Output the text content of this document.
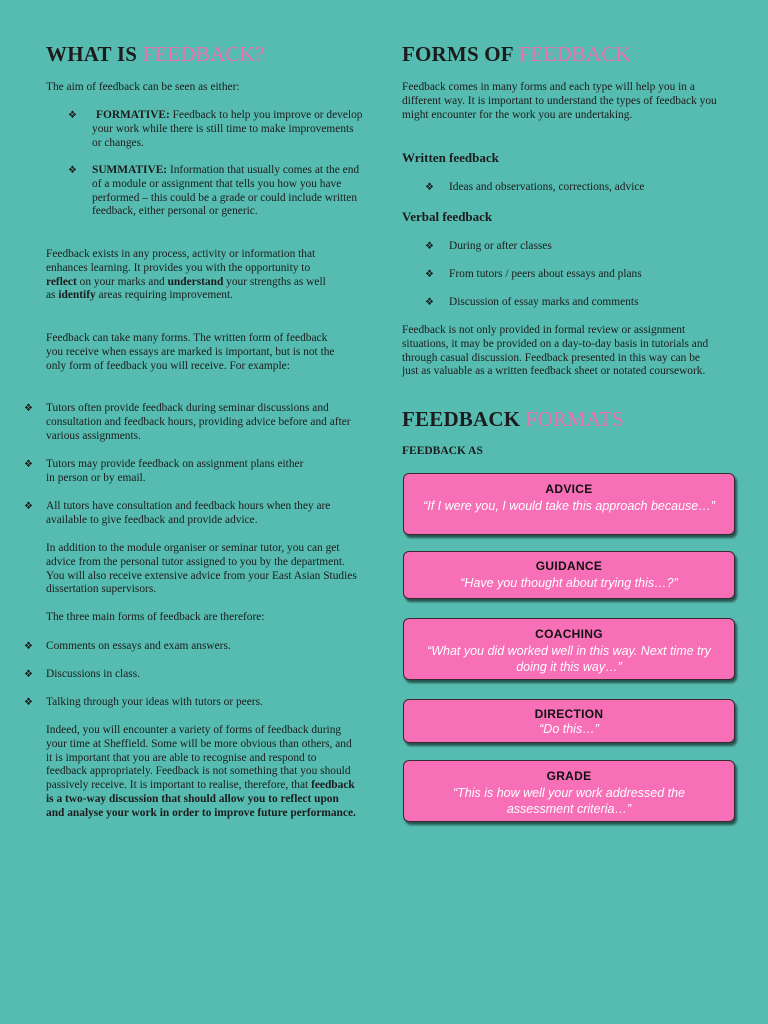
WHAT IS FEEDBACK?

The aim of feedback can be seen as either:

❖	FORMATIVE: Feedback to help you improve or develop your work while there is still time to make improvements or changes.

❖ SUMMATIVE: Information that usually comes at the end of a module or assignment that tells you how you have performed – this could be a grade or could include written feedback, either personal or generic.

Feedback exists in any process, activity or information that enhances learning. It provides you with the opportunity to reflect on your marks and understand your strengths as well as identify areas requiring improvement.

Feedback can take many forms. The written form of feedback you receive when essays are marked is important, but is not the only form of feedback you will receive. For example:

❖ Tutors often provide feedback during seminar discussions and consultation and feedback hours, providing advice before and after various assignments.

❖ Tutors may provide feedback on assignment plans either in person or by email.

❖ All tutors have consultation and feedback hours when they are available to give feedback and provide advice.

In addition to the module organiser or seminar tutor, you can get advice from the personal tutor assigned to you by the department. You will also receive extensive advice from your East Asian Studies dissertation supervisors.

The three main forms of feedback are therefore:

❖ Comments on essays and exam answers.

❖ Discussions in class.

❖ Talking through your ideas with tutors or peers.

Indeed, you will encounter a variety of forms of feedback during your time at Sheffield. Some will be more obvious than others, and it is important that you are able to recognise and respond to feedback appropriately. Feedback is not something that you should passively receive. It is important to realise, therefore, that feedback is a two-way discussion that should allow you to reflect upon and analyse your work in order to improve future performance.

FORMS OF FEEDBACK

Feedback comes in many forms and each type will help you in a different way. It is important to understand the types of feedback you might encounter for the work you are undertaking.

Written feedback
❖ Ideas and observations, corrections, advice

Verbal feedback
❖ During or after classes

❖ From tutors / peers about essays and plans

❖ Discussion of essay marks and comments

Feedback is not only provided in formal review or assignment situations, it may be provided on a day-to-day basis in tutorials and through casual discussion. Feedback presented in this way can be just as valuable as a written feedback sheet or notated coursework.

FEEDBACK FORMATS
FEEDBACK AS
ADVICE
“If I were you, I would take this approach because…”
GUIDANCE
“Have you thought about trying this…?”
COACHING
“What you did worked well in this way. Next time try doing it this way…”
DIRECTION
“Do this…”
GRADE
“This is how well your work addressed the assessment criteria…”
